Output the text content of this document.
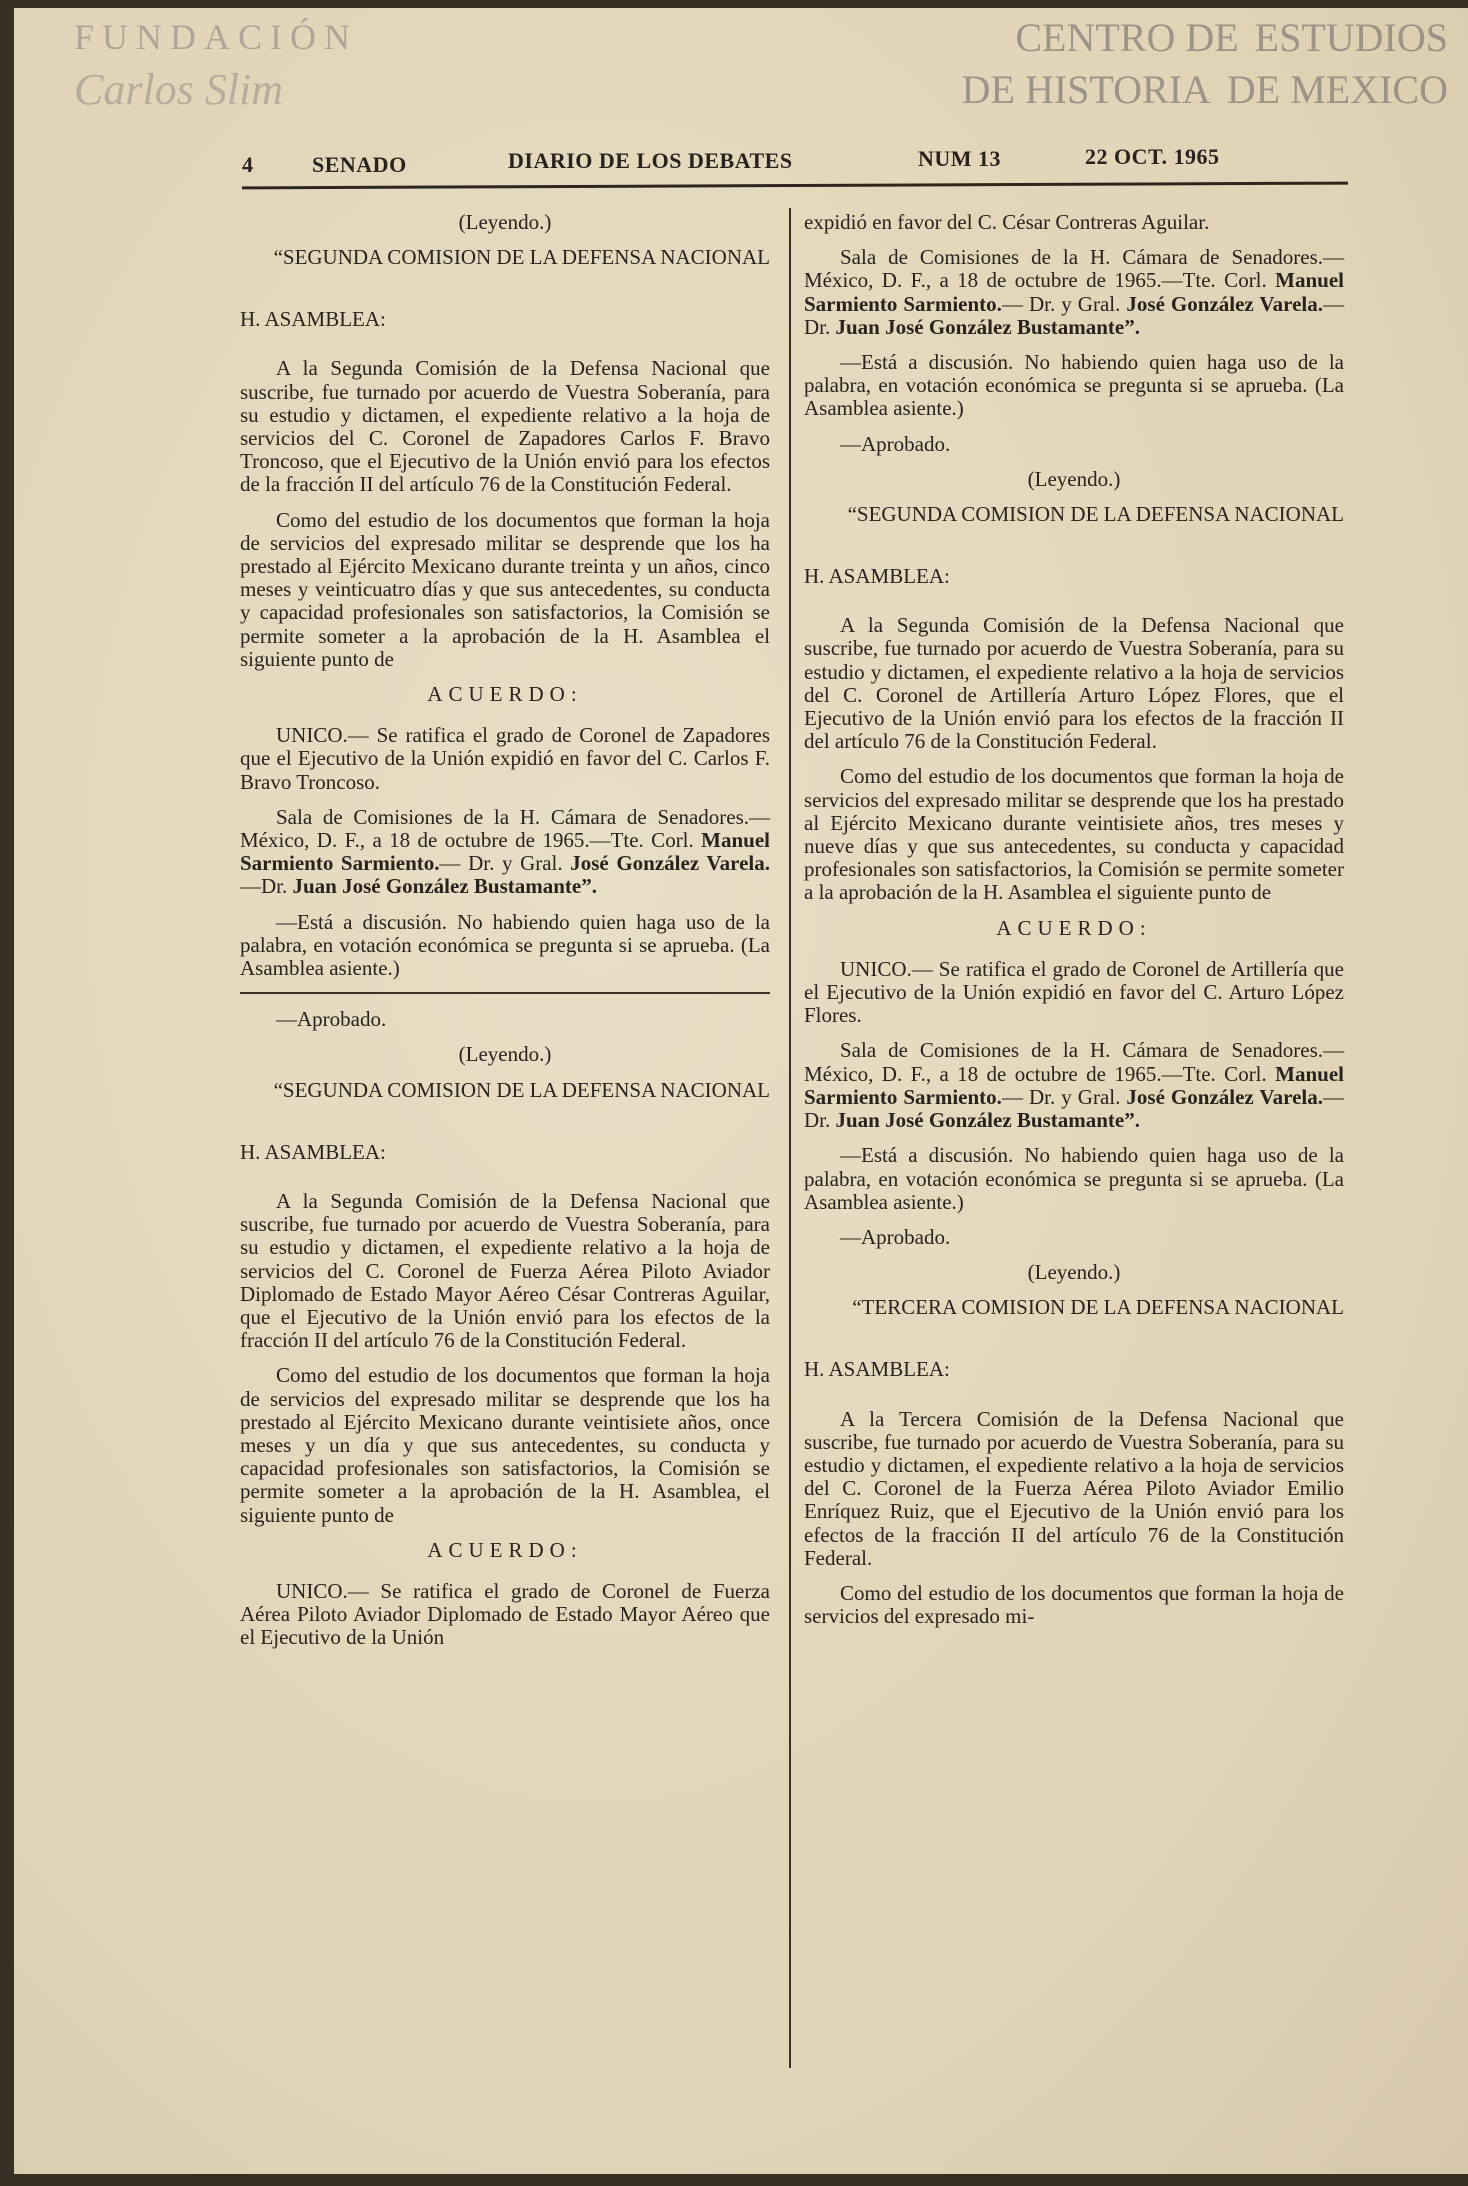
CENTRO DE ESTUDIOS
DE HISTORIA DE MEXICO
FUNDACIÓN
Carlos Slim
4	SENADO	DIARIO DE LOS DEBATES	NUM 13	22 OCT. 1965
(Leyendo.)
“SEGUNDA COMISION DE LA DEFENSA NACIONAL
H. ASAMBLEA:
A la Segunda Comisión de la Defensa Nacional que suscribe, fue turnado por acuerdo de Vuestra Soberanía, para su estudio y dictamen, el expediente relativo a la hoja de servicios del C. Coronel de Zapadores Carlos F. Bravo Troncoso, que el Ejecutivo de la Unión envió para los efectos de la fracción II del artículo 76 de la Constitución Federal.
Como del estudio de los documentos que forman la hoja de servicios del expresado militar se desprende que los ha prestado al Ejército Mexicano durante treinta y un años, cinco meses y veinticuatro días y que sus antecedentes, su conducta y capacidad profesionales son satisfactorios, la Comisión se permite someter a la aprobación de la H. Asamblea el siguiente punto de
ACUERDO:
UNICO.— Se ratifica el grado de Coronel de Zapadores que el Ejecutivo de la Unión expidió en favor del C. Carlos F. Bravo Troncoso.
Sala de Comisiones de la H. Cámara de Senadores.— México, D. F., a 18 de octubre de 1965.—Tte. Corl. Manuel Sarmiento Sarmiento.— Dr. y Gral. José González Varela.—Dr. Juan José González Bustamante”.
—Está a discusión. No habiendo quien haga uso de la palabra, en votación económica se pregunta si se aprueba. (La Asamblea asiente.)
—Aprobado.
(Leyendo.)
“SEGUNDA COMISION DE LA DEFENSA NACIONAL
H. ASAMBLEA:
A la Segunda Comisión de la Defensa Nacional que suscribe, fue turnado por acuerdo de Vuestra Soberanía, para su estudio y dictamen, el expediente relativo a la hoja de servicios del C. Coronel de Fuerza Aérea Piloto Aviador Diplomado de Estado Mayor Aéreo César Contreras Aguilar, que el Ejecutivo de la Unión envió para los efectos de la fracción II del artículo 76 de la Constitución Federal.
Como del estudio de los documentos que forman la hoja de servicios del expresado militar se desprende que los ha prestado al Ejército Mexicano durante veintisiete años, once meses y un día y que sus antecedentes, su conducta y capacidad profesionales son satisfactorios, la Comisión se permite someter a la aprobación de la H. Asamblea, el siguiente punto de
ACUERDO:
UNICO.— Se ratifica el grado de Coronel de Fuerza Aérea Piloto Aviador Diplomado de Estado Mayor Aéreo que el Ejecutivo de la Unión
expidió en favor del C. César Contreras Aguilar.
Sala de Comisiones de la H. Cámara de Senadores.— México, D. F., a 18 de octubre de 1965.—Tte. Corl. Manuel Sarmiento Sarmiento.— Dr. y Gral. José González Varela.—Dr. Juan José González Bustamante”.
—Está a discusión. No habiendo quien haga uso de la palabra, en votación económica se pregunta si se aprueba. (La Asamblea asiente.)
—Aprobado.
(Leyendo.)
“SEGUNDA COMISION DE LA DEFENSA NACIONAL
H. ASAMBLEA:
A la Segunda Comisión de la Defensa Nacional que suscribe, fue turnado por acuerdo de Vuestra Soberanía, para su estudio y dictamen, el expediente relativo a la hoja de servicios del C. Coronel de Artillería Arturo López Flores, que el Ejecutivo de la Unión envió para los efectos de la fracción II del artículo 76 de la Constitución Federal.
Como del estudio de los documentos que forman la hoja de servicios del expresado militar se desprende que los ha prestado al Ejército Mexicano durante veintisiete años, tres meses y nueve días y que sus antecedentes, su conducta y capacidad profesionales son satisfactorios, la Comisión se permite someter a la aprobación de la H. Asamblea el siguiente punto de
ACUERDO:
UNICO.— Se ratifica el grado de Coronel de Artillería que el Ejecutivo de la Unión expidió en favor del C. Arturo López Flores.
Sala de Comisiones de la H. Cámara de Senadores.— México, D. F., a 18 de octubre de 1965.—Tte. Corl. Manuel Sarmiento Sarmiento.— Dr. y Gral. José González Varela.—Dr. Juan José González Bustamante”.
—Está a discusión. No habiendo quien haga uso de la palabra, en votación económica se pregunta si se aprueba. (La Asamblea asiente.)
—Aprobado.
(Leyendo.)
“TERCERA COMISION DE LA DEFENSA NACIONAL
H. ASAMBLEA:
A la Tercera Comisión de la Defensa Nacional que suscribe, fue turnado por acuerdo de Vuestra Soberanía, para su estudio y dictamen, el expediente relativo a la hoja de servicios del C. Coronel de la Fuerza Aérea Piloto Aviador Emilio Enríquez Ruiz, que el Ejecutivo de la Unión envió para los efectos de la fracción II del artículo 76 de la Constitución Federal.
Como del estudio de los documentos que forman la hoja de servicios del expresado mi-
